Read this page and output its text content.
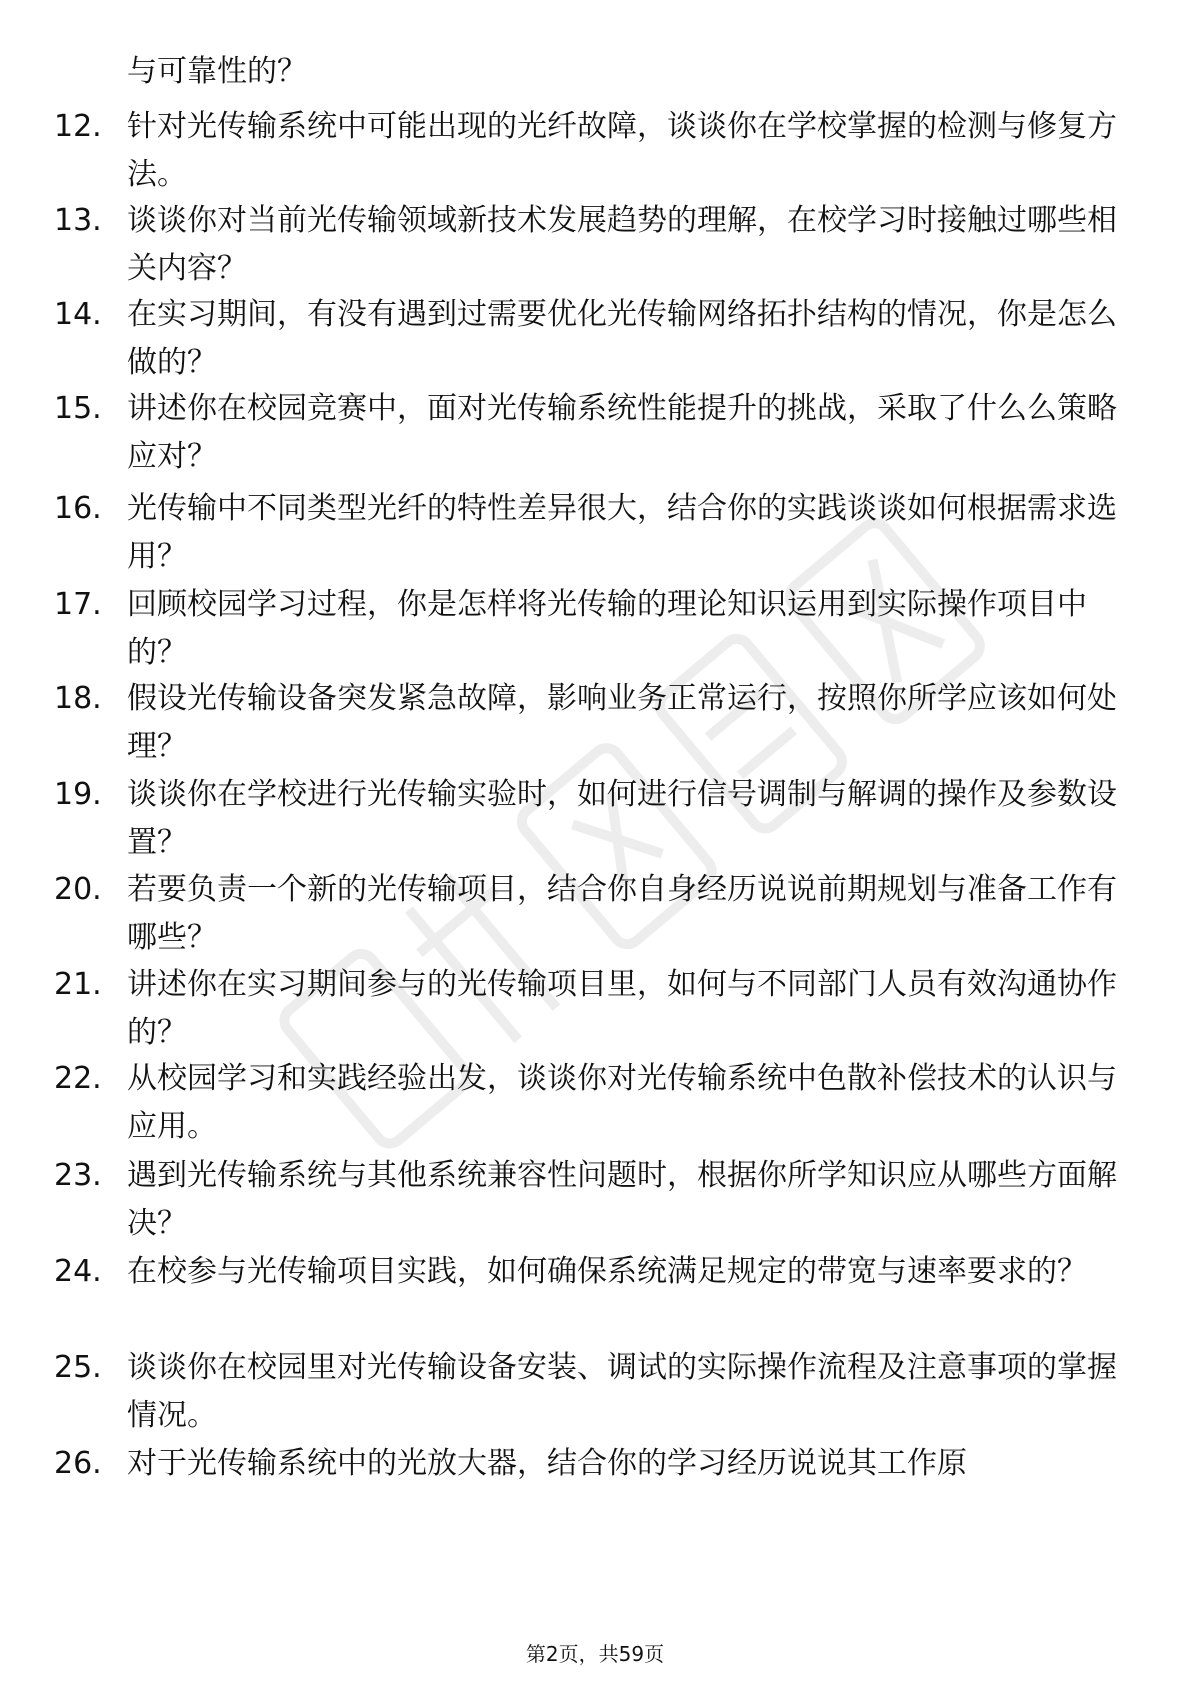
与可靠性的？
12. 针对光传输系统中可能出现的光纤故障，谈谈你在学校掌握的检测与修复方法。

13. 谈谈你对当前光传输领域新技术发展趋势的理解，在校学习时接触过哪些相关内容？

14. 在实习期间，有没有遇到过需要优化光传输网络拓扑结构的情况，你是怎么做的？

15. 讲述你在校园竞赛中，面对光传输系统性能提升的挑战，采取了什么么策略应对？

16. 光传输中不同类型光纤的特性差异很大，结合你的实践谈谈如何根据需求选用？

17. 回顾校园学习过程，你是怎样将光传输的理论知识运用到实际操作项目中的？

18. 假设光传输设备突发紧急故障，影响业务正常运行，按照你所学应该如何处理？

19. 谈谈你在学校进行光传输实验时，如何进行信号调制与解调的操作及参数设置？

20. 若要负责一个新的光传输项目，结合你自身经历说说前期规划与准备工作有哪些？

21. 讲述你在实习期间参与的光传输项目里，如何与不同部门人员有效沟通协作的？

22. 从校园学习和实践经验出发，谈谈你对光传输系统中色散补偿技术的认识与应用。

23. 遇到光传输系统与其他系统兼容性问题时，根据你所学知识应从哪些方面解决？

24. 在校参与光传输项目实践，如何确保系统满足规定的带宽与速率要求的？

25. 谈谈你在校园里对光传输设备安装、调试的实际操作流程及注意事项的掌握情况。

26. 对于光传输系统中的光放大器，结合你的学习经历说说其工作原

第2页，共59页
